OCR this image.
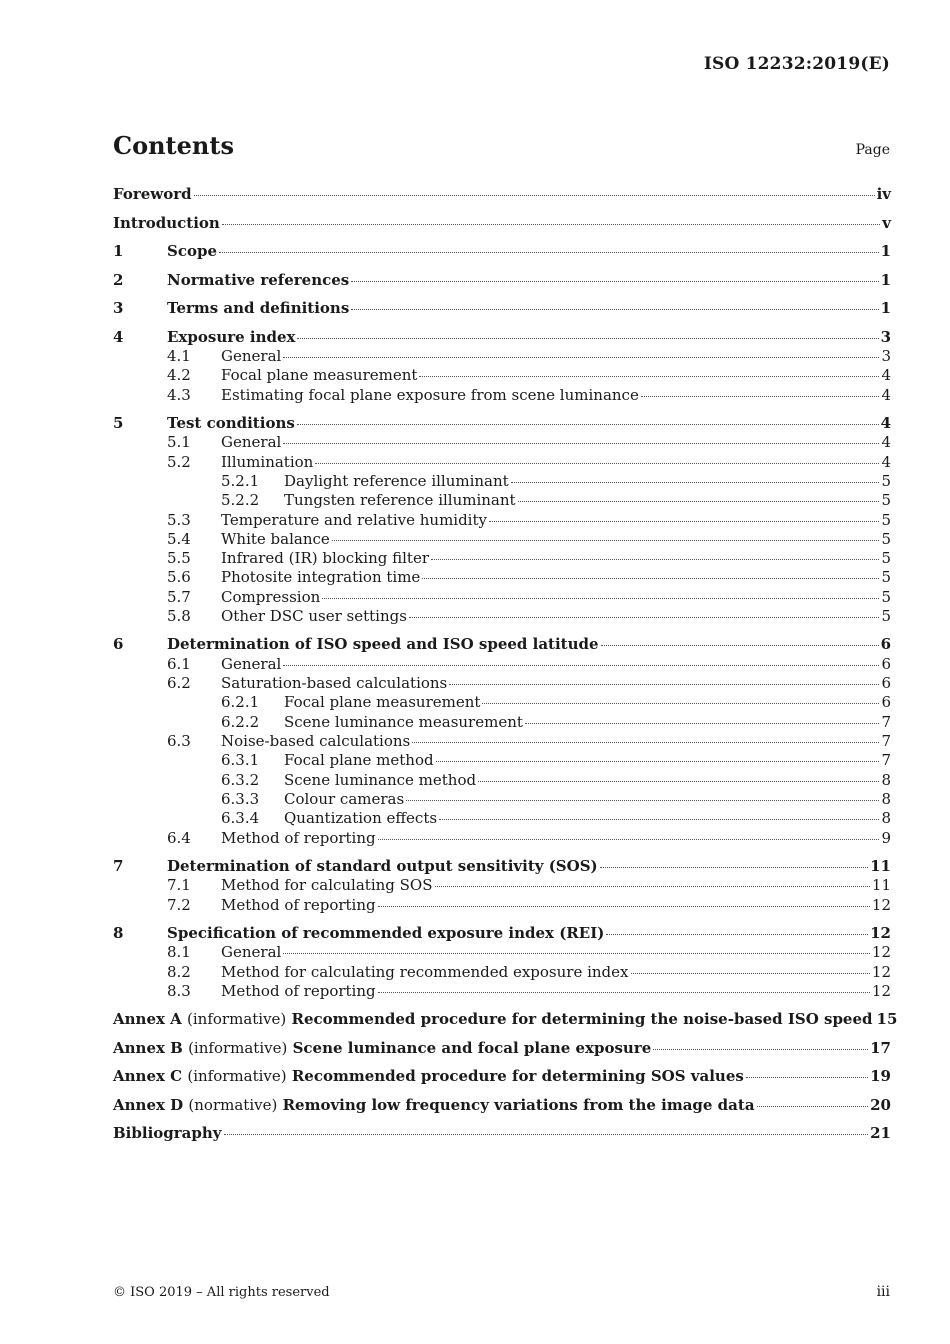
ISO 12232:2019(E)
Contents	Page
Foreword	iv
Introduction	v
1	Scope	1
2	Normative references	1
3	Terms and definitions	1
4	Exposure index	3
4.1	General	3
4.2	Focal plane measurement	4
4.3	Estimating focal plane exposure from scene luminance	4
5	Test conditions	4
5.1	General	4
5.2	Illumination	4
5.2.1	Daylight reference illuminant	5
5.2.2	Tungsten reference illuminant	5
5.3	Temperature and relative humidity	5
5.4	White balance	5
5.5	Infrared (IR) blocking filter	5
5.6	Photosite integration time	5
5.7	Compression	5
5.8	Other DSC user settings	5
6	Determination of ISO speed and ISO speed latitude	6
6.1	General	6
6.2	Saturation-based calculations	6
6.2.1	Focal plane measurement	6
6.2.2	Scene luminance measurement	7
6.3	Noise-based calculations	7
6.3.1	Focal plane method	7
6.3.2	Scene luminance method	8
6.3.3	Colour cameras	8
6.3.4	Quantization effects	8
6.4	Method of reporting	9
7	Determination of standard output sensitivity (SOS)	11
7.1	Method for calculating SOS	11
7.2	Method of reporting	12
8	Specification of recommended exposure index (REI)	12
8.1	General	12
8.2	Method for calculating recommended exposure index	12
8.3	Method of reporting	12
Annex A (informative) Recommended procedure for determining the noise-based ISO speed 15
Annex B (informative) Scene luminance and focal plane exposure	17
Annex C (informative) Recommended procedure for determining SOS values	19
Annex D (normative) Removing low frequency variations from the image data	20
Bibliography	21
© ISO 2019 – All rights reserved	iii
